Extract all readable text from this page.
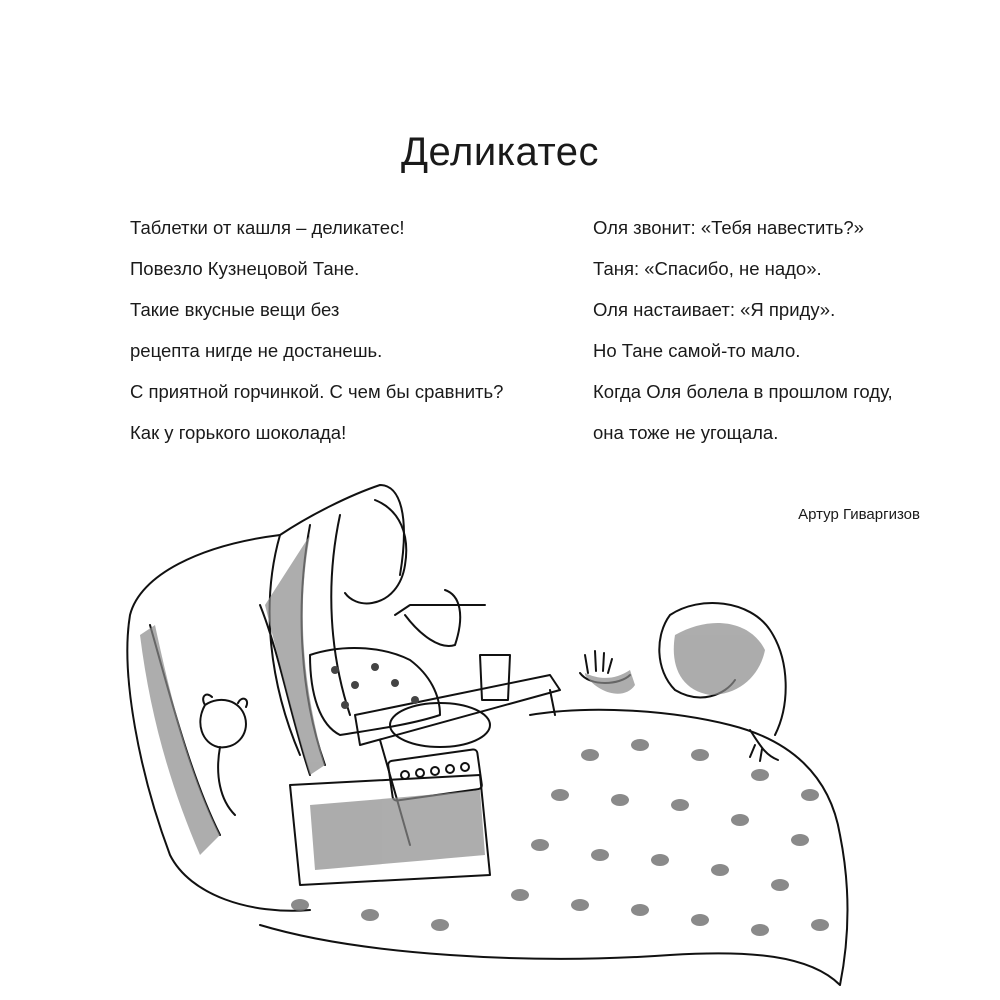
Деликатес
Таблетки от кашля – деликатес!
Повезло Кузнецовой Тане.
Такие вкусные вещи без
рецепта нигде не достанешь.
С приятной горчинкой. С чем бы сравнить?
Как у горького шоколада!
Оля звонит: «Тебя навестить?»
Таня: «Спасибо, не надо».
Оля настаивает: «Я приду».
Но Тане самой-то мало.
Когда Оля болела в прошлом году,
она тоже не угощала.
Артур Гиваргизов
